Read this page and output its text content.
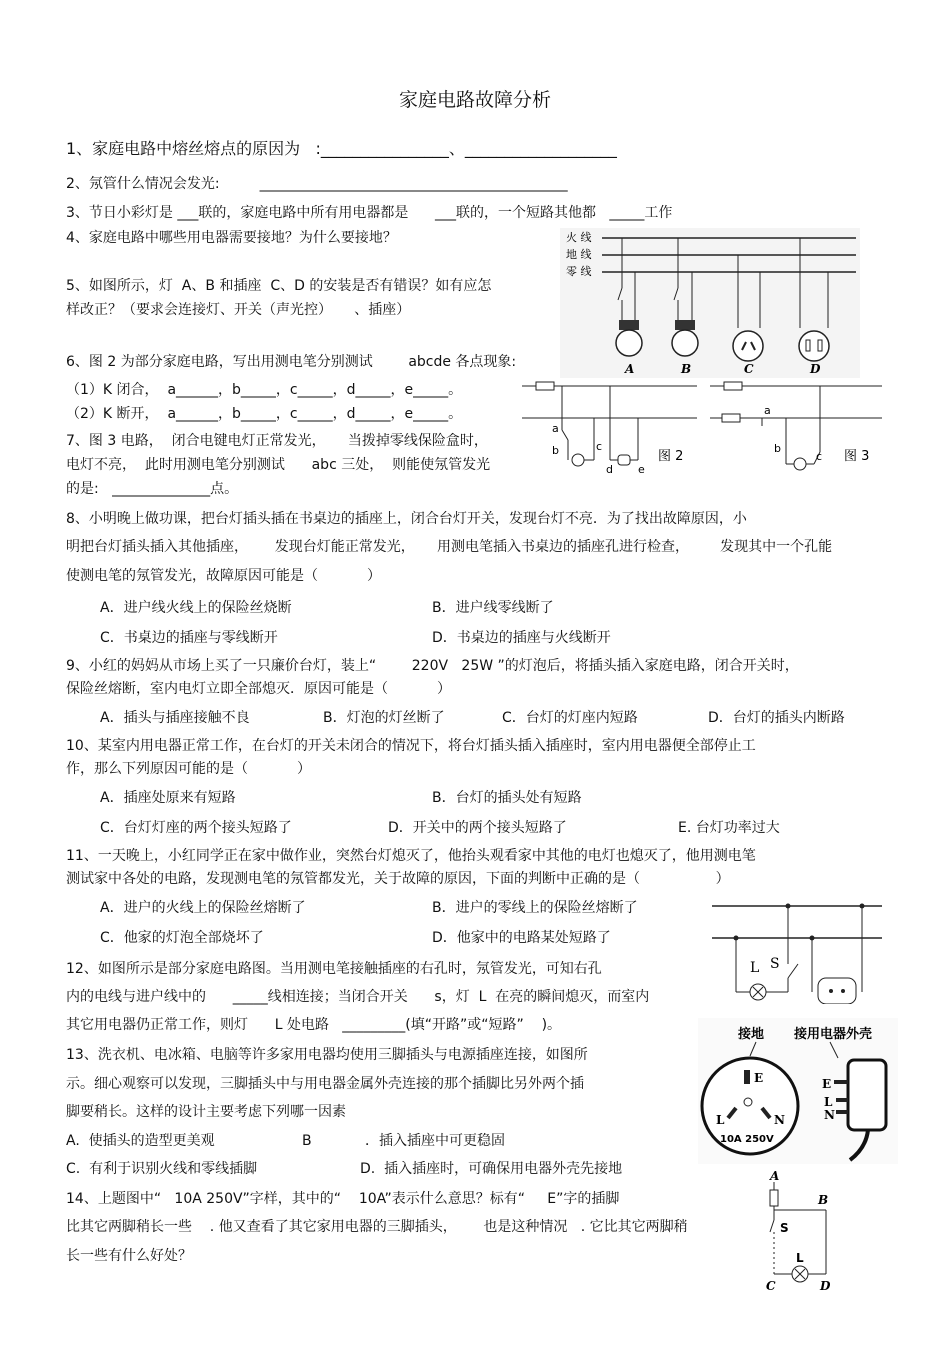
家庭电路故障分析
1、家庭电路中熔丝熔点的原因为   :________________、___________________
2、氖管什么情况会发光:         ____________________________________________
3、节日小彩灯是 ___联的，家庭电路中所有用电器都是      ___联的，一个短路其他都   _____工作
4、家庭电路中哪些用电器需要接地？为什么要接地？
5、如图所示，灯  A、B 和插座  C、D 的安装是否有错误？如有应怎
样改正？（要求会连接灯、开关（声光控）     、插座）
6、图 2 为部分家庭电路，写出用测电笔分别测试        abcde 各点现象:
（1）K 闭合，  a______，b_____，c_____，d_____，e_____。
（2）K 断开，  a______，b_____，c_____，d_____，e_____。
7、图 3 电路，  闭合电键电灯正常发光，     当拨掉零线保险盒时，
电灯不亮，  此时用测电笔分别测试      abc 三处，  则能使氖管发光
的是:   ______________点。
8、小明晚上做功课，把台灯插头插在书桌边的插座上，闭合台灯开关，发现台灯不亮．为了找出故障原因，小
明把台灯插头插入其他插座，      发现台灯能正常发光，     用测电笔插入书桌边的插座孔进行检查，       发现其中一个孔能
使测电笔的氖管发光，故障原因可能是（           ）
A．进户线火线上的保险丝烧断	B．进户线零线断了
C．书桌边的插座与零线断开	D．书桌边的插座与火线断开
9、小红的妈妈从市场上买了一只廉价台灯，装上“        220V   25W ”的灯泡后，将插头插入家庭电路，闭合开关时，
保险丝熔断，室内电灯立即全部熄灭．原因可能是（           ）
A．插头与插座接触不良	B．灯泡的灯丝断了	C．台灯的灯座内短路	D．台灯的插头内断路
10、某室内用电器正常工作，在台灯的开关未闭合的情况下，将台灯插头插入插座时，室内用电器便全部停止工
作，那么下列原因可能的是（           ）
A．插座处原来有短路	B．台灯的插头处有短路
C．台灯灯座的两个接头短路了	D．开关中的两个接头短路了	E. 台灯功率过大
11、一天晚上，小红同学正在家中做作业，突然台灯熄灭了，他抬头观看家中其他的电灯也熄灭了，他用测电笔
测试家中各处的电路，发现测电笔的氖管都发光，关于故障的原因，下面的判断中正确的是（                 ）
A．进户的火线上的保险丝熔断了	B．进户的零线上的保险丝熔断了
C．他家的灯泡全部烧坏了	D．他家中的电路某处短路了
12、如图所示是部分家庭电路图。当用测电笔接触插座的右孔时，氖管发光，可知右孔
内的电线与进户线中的      _____线相连接；当闭合开关      s，灯  L  在亮的瞬间熄灭，而室内
其它用电器仍正常工作，则灯      L 处电路   _________(填“开路”或“短路”    )。
13、洗衣机、电冰箱、电脑等许多家用电器均使用三脚插头与电源插座连接，如图所
示。细心观察可以发现，三脚插头中与用电器金属外壳连接的那个插脚比另外两个插
脚要稍长。这样的设计主要考虑下列哪一因素
A.  使插头的造型更美观	B            ．插入插座中可更稳固
C.  有利于识别火线和零线插脚	D.  插入插座时，可确保用电器外壳先接地
14、上题图中“   10A 250V”字样，其中的“    10A”表示什么意思？标有“     E”字的插脚
比其它两脚稍长一些    . 他又查看了其它家用电器的三脚插头，      也是这种情况   . 它比其它两脚稍
长一些有什么好处？
火 线
地 线
零 线
A	B	C	D
a
b	c
d e
图 2
a
b
c 图 3
L S
接地 接用电器外壳
E
L	N
10A 250V
E
L
N
A
B
S
L
C	D
